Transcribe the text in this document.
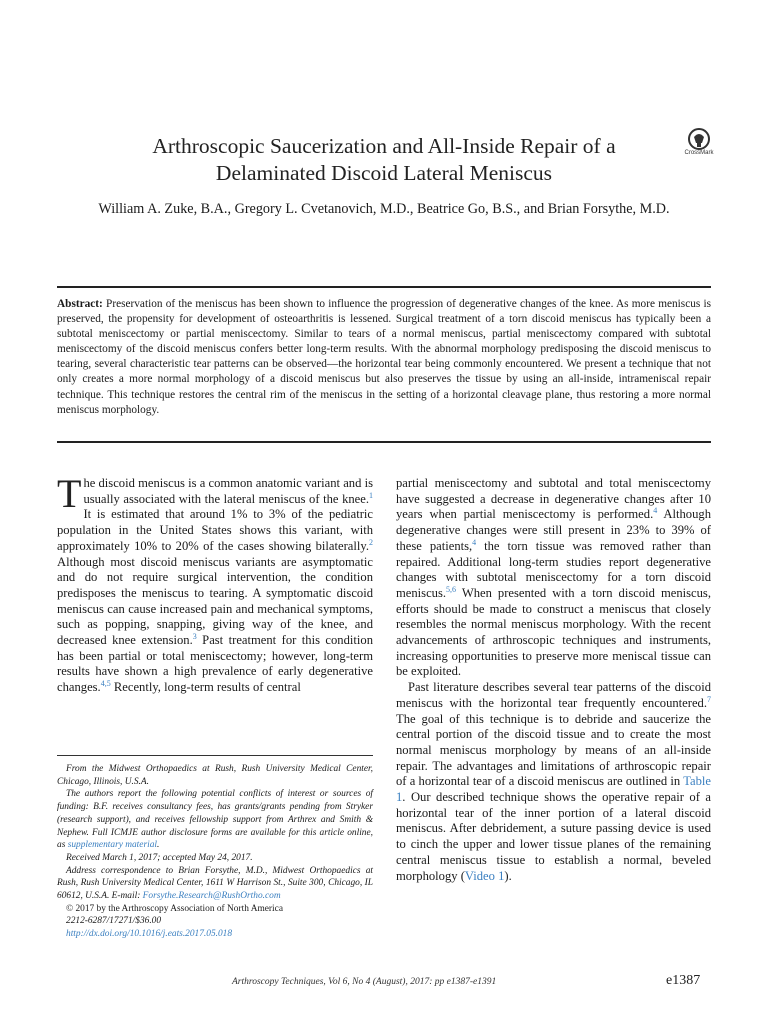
Arthroscopic Saucerization and All-Inside Repair of a Delaminated Discoid Lateral Meniscus
CrossMark
William A. Zuke, B.A., Gregory L. Cvetanovich, M.D., Beatrice Go, B.S., and Brian Forsythe, M.D.
Abstract: Preservation of the meniscus has been shown to influence the progression of degenerative changes of the knee. As more meniscus is preserved, the propensity for development of osteoarthritis is lessened. Surgical treatment of a torn discoid meniscus has typically been a subtotal meniscectomy or partial meniscectomy. Similar to tears of a normal meniscus, partial meniscectomy compared with subtotal meniscectomy of the discoid meniscus confers better long-term results. With the abnormal morphology predisposing the discoid meniscus to tearing, several characteristic tear patterns can be observed—the horizontal tear being commonly encountered. We present a technique that not only creates a more normal morphology of a discoid meniscus but also preserves the tissue by using an all-inside, intrameniscal repair technique. This technique restores the central rim of the meniscus in the setting of a horizontal cleavage plane, thus restoring a more normal meniscus morphology.

The discoid meniscus is a common anatomic variant and is usually associated with the lateral meniscus of the knee.$^1$ It is estimated that around 1% to 3% of the pediatric population in the United States shows this variant, with approximately 10% to 20% of the cases showing bilaterally.$^2$ Although most discoid meniscus variants are asymptomatic and do not require surgical intervention, the condition predisposes the meniscus to tearing. A symptomatic discoid meniscus can cause increased pain and mechanical symptoms, such as popping, snapping, giving way of the knee, and decreased knee extension.$^3$ Past treatment for this condition has been partial or total meniscectomy; however, long-term results have shown a high prevalence of early degenerative changes.$^{4,5}$ Recently, long-term results of central

partial meniscectomy and subtotal and total meniscectomy have suggested a decrease in degenerative changes after 10 years when partial meniscectomy is performed.$^4$ Although degenerative changes were still present in 23% to 39% of these patients,$^4$ the torn tissue was removed rather than repaired. Additional long-term studies report degenerative changes with subtotal meniscectomy for a torn discoid meniscus.$^{5,6}$ When presented with a torn discoid meniscus, efforts should be made to construct a meniscus that closely resembles the normal meniscus morphology. With the recent advancements of arthroscopic techniques and instruments, increasing opportunities to preserve more meniscal tissue can be exploited.

Past literature describes several tear patterns of the discoid meniscus with the horizontal tear frequently encountered.$^7$ The goal of this technique is to debride and saucerize the central portion of the discoid tissue and to create the most normal meniscus morphology by means of an all-inside repair. The advantages and limitations of arthroscopic repair of a horizontal tear of a discoid meniscus are outlined in Table 1. Our described technique shows the operative repair of a horizontal tear of the inner portion of a lateral discoid meniscus. After debridement, a suture passing device is used to cinch the upper and lower tissue planes of the remaining central meniscus tissue to establish a normal, beveled morphology (Video 1).

From the Midwest Orthopaedics at Rush, Rush University Medical Center, Chicago, Illinois, U.S.A.

The authors report the following potential conflicts of interest or sources of funding: B.F. receives consultancy fees, has grants/grants pending from Stryker (research support), and receives fellowship support from Arthrex and Smith & Nephew. Full ICMJE author disclosure forms are available for this article online, as supplementary material.

Received March 1, 2017; accepted May 24, 2017.

Address correspondence to Brian Forsythe, M.D., Midwest Orthopaedics at Rush, Rush University Medical Center, 1611 W Harrison St., Suite 300, Chicago, IL 60612, U.S.A. E-mail: Forsythe.Research@RushOrtho.com

© 2017 by the Arthroscopy Association of North America

2212-6287/17271/$36.00

http://dx.doi.org/10.1016/j.eats.2017.05.018

Arthroscopy Techniques, Vol 6, No 4 (August), 2017: pp e1387-e1391	e1387
